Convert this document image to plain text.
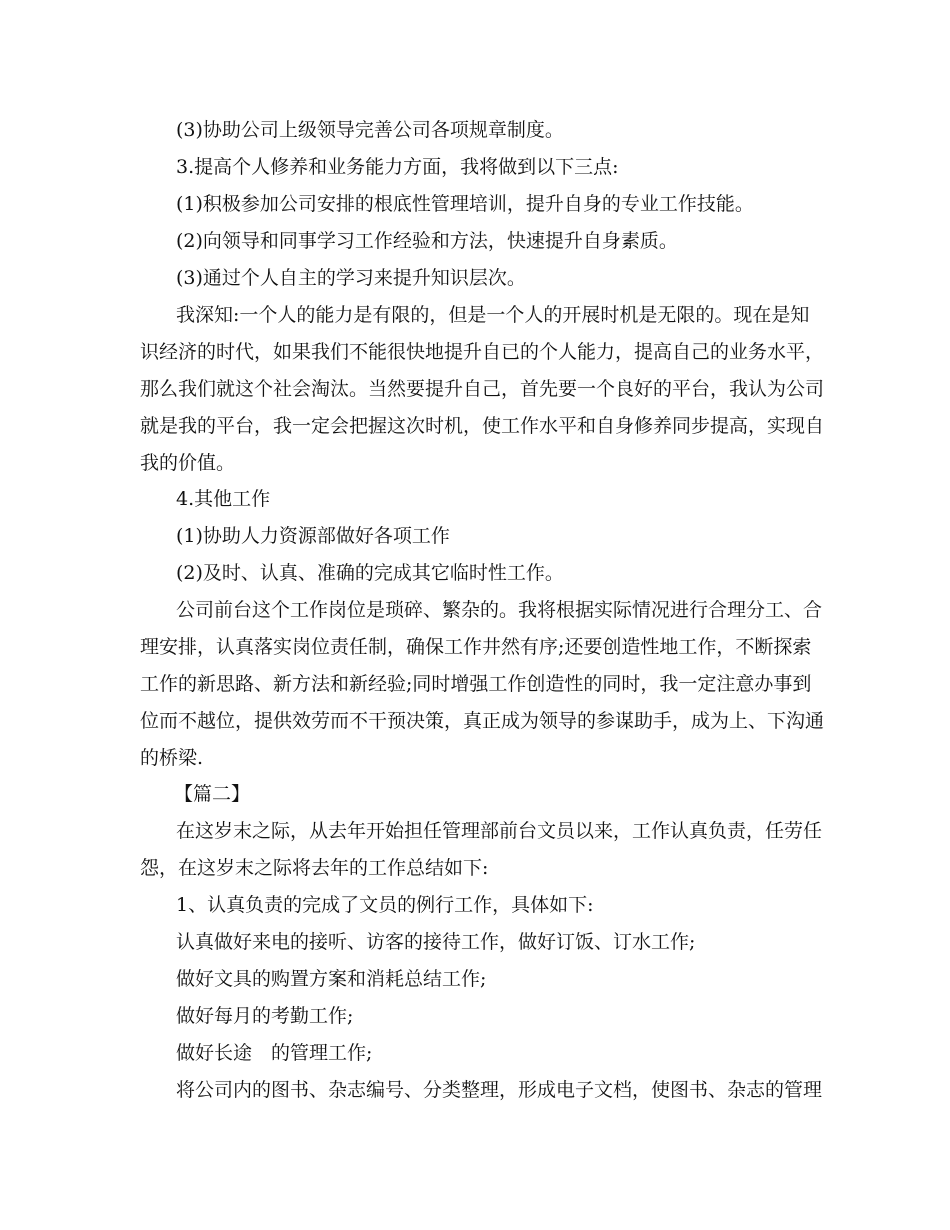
(3)协助公司上级领导完善公司各项规章制度。
3.提高个人修养和业务能力方面，我将做到以下三点:
(1)积极参加公司安排的根底性管理培训，提升自身的专业工作技能。
(2)向领导和同事学习工作经验和方法，快速提升自身素质。
(3)通过个人自主的学习来提升知识层次。
我深知:一个人的能力是有限的，但是一个人的开展时机是无限的。现在是知
识经济的时代，如果我们不能很快地提升自已的个人能力，提高自己的业务水平，
那么我们就这个社会淘汰。当然要提升自己，首先要一个良好的平台，我认为公司
就是我的平台，我一定会把握这次时机，使工作水平和自身修养同步提高，实现自
我的价值。
4.其他工作
(1)协助人力资源部做好各项工作
(2)及时、认真、准确的完成其它临时性工作。
公司前台这个工作岗位是琐碎、繁杂的。我将根据实际情况进行合理分工、合
理安排，认真落实岗位责任制，确保工作井然有序;还要创造性地工作，不断探索
工作的新思路、新方法和新经验;同时增强工作创造性的同时，我一定注意办事到
位而不越位，提供效劳而不干预决策，真正成为领导的参谋助手，成为上、下沟通
的桥梁.
【篇二】
在这岁末之际，从去年开始担任管理部前台文员以来，工作认真负责，任劳任
怨，在这岁末之际将去年的工作总结如下:
1、认真负责的完成了文员的例行工作，具体如下:
认真做好来电的接听、访客的接待工作，做好订饭、订水工作;
做好文具的购置方案和消耗总结工作;
做好每月的考勤工作;
做好长途　的管理工作;
将公司内的图书、杂志编号、分类整理，形成电子文档，使图书、杂志的管理
